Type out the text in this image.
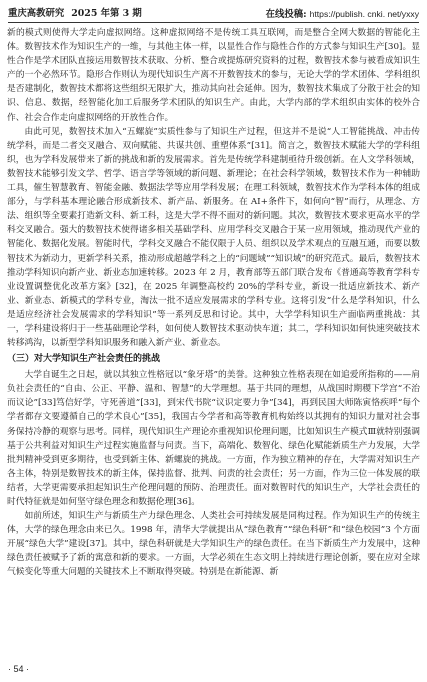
重庆高教研究 2025 年第 3 期	在线投稿: https://publish. cnki. net/yxxy

新的模式则使得大学走向虚拟网络。这种虚拟网络不是传统工具互联网，而是整合全网大数据的智能化主体。数智技术作为知识生产的一维，与其他主体一样，以显性合作与隐性合作的方式参与知识生产[30]。显性合作是学术团队直接运用数智技术获取、分析、整合或提炼研究资料的过程，数智技术参与被看成知识生产的一个必然环节。隐形合作则认为现代知识生产离不开数智技术的参与，无论大学的学术团体、学科组织是否建制化，数智技术都将这些组织无限扩大，推动其向社会延伸。因为，数智技术集成了分散于社会的知识、信息、数据，经智能化加工后服务学术团队的知识生产。由此，大学内部的学术组织由实体的校外合作、社会合作走向虚拟网络的开放性合作。

由此可见，数智技术加入“五螺旋”实质性参与了知识生产过程，但这并不是说“人工智能挑战、冲击传统学科，而是二者交叉融合、双向赋能、共谋共创、重塑体系”[31]。简言之，数智技术赋能大学的学科组织，也为学科发展带来了新的挑战和新的发展需求。首先是传统学科建制亟待升级创新。在人文学科领域，数智技术能够引发文学、哲学、语言学等领域的新问题、新理论；在社会科学领域，数智技术作为一种辅助工具，催生智慧教育、智能金融、数据法学等应用学科发展；在理工科领域，数智技术作为学科本体的组成部分，与学科基本理论融合形成新技术、新产品、新服务。在 AI+条件下，如何向“智”而行，从理念、方法、组织等全要素打造新文科、新工科，这是大学不得不面对的新问题。其次，数智技术要求更高水平的学科交叉融合。强大的数智技术使得诸多相关基础学科、应用学科交叉融合于某一应用领域，推动现代产业的智能化、数据化发展。智能时代，学科交叉融合不能仅限于人员、组织以及学术观点的互融互通，而要以数智技术为新动力，更新学科关系，推动形成超越学科之上的“问题域”“知识域”的研究范式。最后，数智技术推动学科知识向新产业、新业态加速转移。2023 年 2 月，教育部等五部门联合发布《普通高等教育学科专业设置调整优化改革方案》[32]，在 2025 年调整高校约 20%的学科专业，新设一批适应新技术、新产业、新业态、新模式的学科专业，淘汰一批不适应发展需求的学科专业。这将引发“什么是学科知识，什么是适应经济社会发展需求的学科知识”等一系列反思和讨论。其中，大学学科知识生产面临两重挑战：其一，学科建设将归于一些基础理论学科，如何使人数智技术驱动快车道；其二，学科知识如何快速突破技术转移鸿沟，以新型学科知识服务和融入新产业、新业态。

（三）对大学知识生产社会责任的挑战

大学自诞生之日起，就以其独立性格冠以“象牙塔”的美誉。这种独立性格表现在如追爱所指称的——肩负社会责任的“自由、公正、平静、温和、智慧”的大学理想。基于共同的理想，从战国时期稷下学宫“不治而议论”[33]笃信好学，守死善道”[33]，到宋代书院“议识定要力争”[34]，再到民国大师陈寅恪疾呼“每个学者都存文要遵循自己的学术良心”[35]，我国古今学者和高等教育机构始终以其拥有的知识力量对社会事务保持冷静的观察与思考。同样，现代知识生产理论亦重视知识伦理问题，比如知识生产模式Ⅲ就特别强调基于公共利益对知识生产过程实施监督与问责。当下，高端化、数智化、绿色化赋能新质生产力发展，大学批判精神受到更多期待，也受到新主体、新螺旋的挑战。一方面，作为独立精神的存在，大学需对知识生产各主体，特别是数智技术的新主体，保持监督、批判、问责的社会责任；另一方面，作为三位一体发展的联结者，大学更需要承担起知识生产伦理问题的预防、治理责任。面对数智时代的知识生产，大学社会责任的时代特征就是如何坚守绿色理念和数据伦理[36]。

如前所述，知识生产与新质生产力绿色理念、人类社会可持续发展是同构过程。作为知识生产的传统主体，大学的绿色理念由来已久。1998 年，清华大学就提出从“绿色教育”“绿色科研”和“绿色校园”3 个方面开展“绿色大学”建设[37]。其中，绿色科研就是大学知识生产的绿色责任。在当下新质生产力发展中，这种绿色责任被赋予了新的寓意和新的要求。一方面，大学必须在生态文明上持续进行理论创新，要在应对全球气候变化等重大问题的关键技术上不断取得突破。特别是在新能源、新

· 54 ·
